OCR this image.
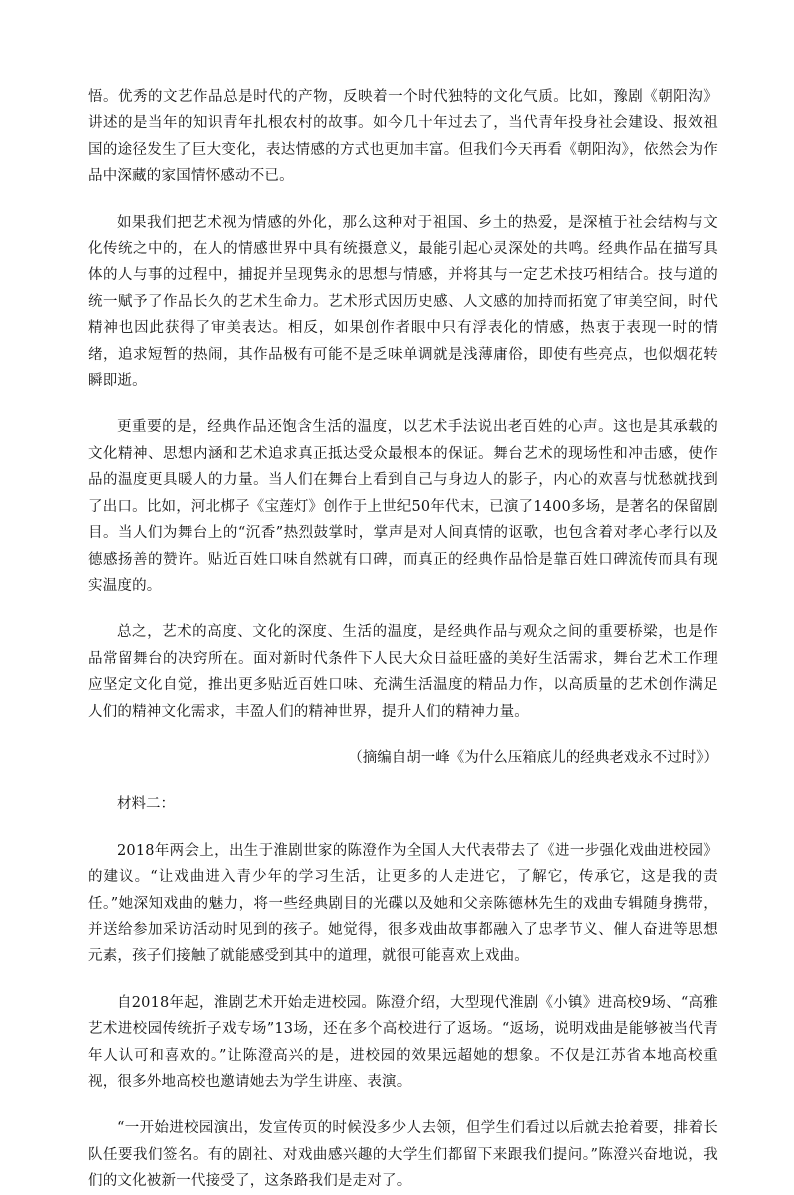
悟。优秀的文艺作品总是时代的产物，反映着一个时代独特的文化气质。比如，豫剧《朝阳沟》讲述的是当年的知识青年扎根农村的故事。如今几十年过去了，当代青年投身社会建设、报效祖国的途径发生了巨大变化，表达情感的方式也更加丰富。但我们今天再看《朝阳沟》，依然会为作品中深藏的家国情怀感动不已。

如果我们把艺术视为情感的外化，那么这种对于祖国、乡土的热爱，是深植于社会结构与文化传统之中的，在人的情感世界中具有统摄意义，最能引起心灵深处的共鸣。经典作品在描写具体的人与事的过程中，捕捉并呈现隽永的思想与情感，并将其与一定艺术技巧相结合。技与道的统一赋予了作品长久的艺术生命力。艺术形式因历史感、人文感的加持而拓宽了审美空间，时代精神也因此获得了审美表达。相反，如果创作者眼中只有浮表化的情感，热衷于表现一时的情绪，追求短暂的热闹，其作品极有可能不是乏味单调就是浅薄庸俗，即使有些亮点，也似烟花转瞬即逝。

更重要的是，经典作品还饱含生活的温度，以艺术手法说出老百姓的心声。这也是其承载的文化精神、思想内涵和艺术追求真正抵达受众最根本的保证。舞台艺术的现场性和冲击感，使作品的温度更具暖人的力量。当人们在舞台上看到自己与身边人的影子，内心的欢喜与忧愁就找到了出口。比如，河北梆子《宝莲灯》创作于上世纪50年代末，已演了1400多场，是著名的保留剧目。当人们为舞台上的“沉香”热烈鼓掌时，掌声是对人间真情的讴歌，也包含着对孝心孝行以及德感扬善的赞许。贴近百姓口味自然就有口碑，而真正的经典作品恰是靠百姓口碑流传而具有现实温度的。

总之，艺术的高度、文化的深度、生活的温度，是经典作品与观众之间的重要桥梁，也是作品常留舞台的决窍所在。面对新时代条件下人民大众日益旺盛的美好生活需求，舞台艺术工作理应坚定文化自觉，推出更多贴近百姓口味、充满生活温度的精品力作，以高质量的艺术创作满足人们的精神文化需求，丰盈人们的精神世界，提升人们的精神力量。

（摘编自胡一峰《为什么压箱底儿的经典老戏永不过时》）

材料二：

2018年两会上，出生于淮剧世家的陈澄作为全国人大代表带去了《进一步强化戏曲进校园》的建议。“让戏曲进入青少年的学习生活，让更多的人走进它，了解它，传承它，这是我的责任。”她深知戏曲的魅力，将一些经典剧目的光碟以及她和父亲陈德林先生的戏曲专辑随身携带，并送给参加采访活动时见到的孩子。她觉得，很多戏曲故事都融入了忠孝节义、催人奋进等思想元素，孩子们接触了就能感受到其中的道理，就很可能喜欢上戏曲。

自2018年起，淮剧艺术开始走进校园。陈澄介绍，大型现代淮剧《小镇》进高校9场、“高雅艺术进校园传统折子戏专场”13场，还在多个高校进行了返场。“返场，说明戏曲是能够被当代青年人认可和喜欢的。”让陈澄高兴的是，进校园的效果远超她的想象。不仅是江苏省本地高校重视，很多外地高校也邀请她去为学生讲座、表演。

“一开始进校园演出，发宣传页的时候没多少人去领，但学生们看过以后就去抢着要，排着长队任要我们签名。有的剧社、对戏曲感兴趣的大学生们都留下来跟我们提问。”陈澄兴奋地说，我们的文化被新一代接受了，这条路我们是走对了。
